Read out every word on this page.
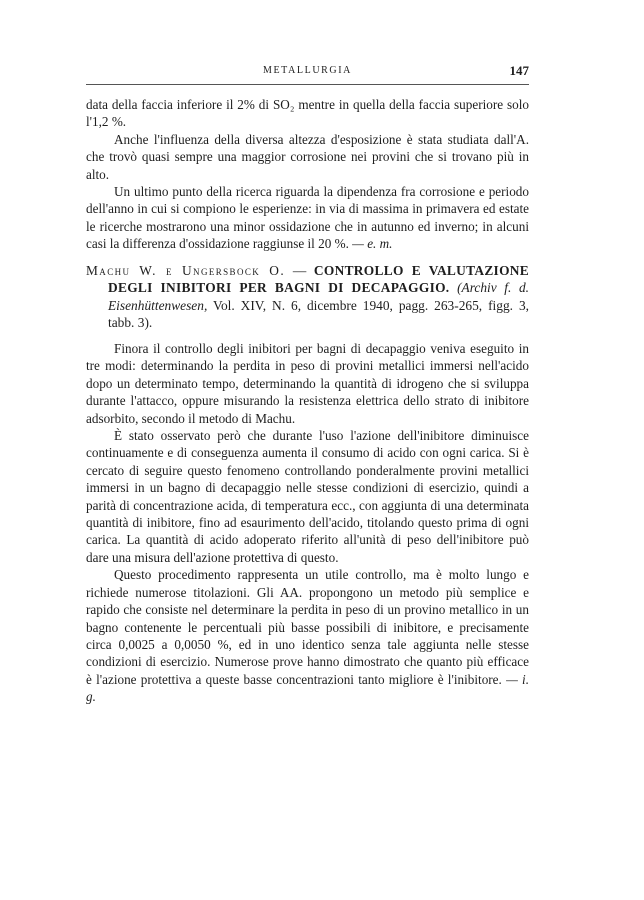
METALLURGIA	147

data della faccia inferiore il 2% di SO₂ mentre in quella della faccia superiore solo l'1,2 %.

Anche l'influenza della diversa altezza d'esposizione è stata studiata dall'A. che trovò quasi sempre una maggior corrosione nei provini che si trovano più in alto.

Un ultimo punto della ricerca riguarda la dipendenza fra corrosione e periodo dell'anno in cui si compiono le esperienze: in via di massima in primavera ed estate le ricerche mostrarono una minor ossidazione che in autunno ed inverno; in alcuni casi la differenza d'ossidazione raggiunse il 20 %. — e. m.

Machu W. e Ungersbock O. — CONTROLLO E VALUTAZIONE DEGLI INIBITORI PER BAGNI DI DECAPAGGIO. (Archiv f. d. Eisenhüttenwesen, Vol. XIV, N. 6, dicembre 1940, pagg. 263-265, figg. 3, tabb. 3).

Finora il controllo degli inibitori per bagni di decapaggio veniva eseguito in tre modi: determinando la perdita in peso di provini metallici immersi nell'acido dopo un determinato tempo, determinando la quantità di idrogeno che si sviluppa durante l'attacco, oppure misurando la resistenza elettrica dello strato di inibitore adsorbito, secondo il metodo di Machu.

È stato osservato però che durante l'uso l'azione dell'inibitore diminuisce continuamente e di conseguenza aumenta il consumo di acido con ogni carica. Si è cercato di seguire questo fenomeno controllando ponderalmente provini metallici immersi in un bagno di decapaggio nelle stesse condizioni di esercizio, quindi a parità di concentrazione acida, di temperatura ecc., con aggiunta di una determinata quantità di inibitore, fino ad esaurimento dell'acido, titolando questo prima di ogni carica. La quantità di acido adoperato riferito all'unità di peso dell'inibitore può dare una misura dell'azione protettiva di questo.

Questo procedimento rappresenta un utile controllo, ma è molto lungo e richiede numerose titolazioni. Gli AA. propongono un metodo più semplice e rapido che consiste nel determinare la perdita in peso di un provino metallico in un bagno contenente le percentuali più basse possibili di inibitore, e precisamente circa 0,0025 a 0,0050 %, ed in uno identico senza tale aggiunta nelle stesse condizioni di esercizio. Numerose prove hanno dimostrato che quanto più efficace è l'azione protettiva a queste basse concentrazioni tanto migliore è l'inibitore. — i. g.
